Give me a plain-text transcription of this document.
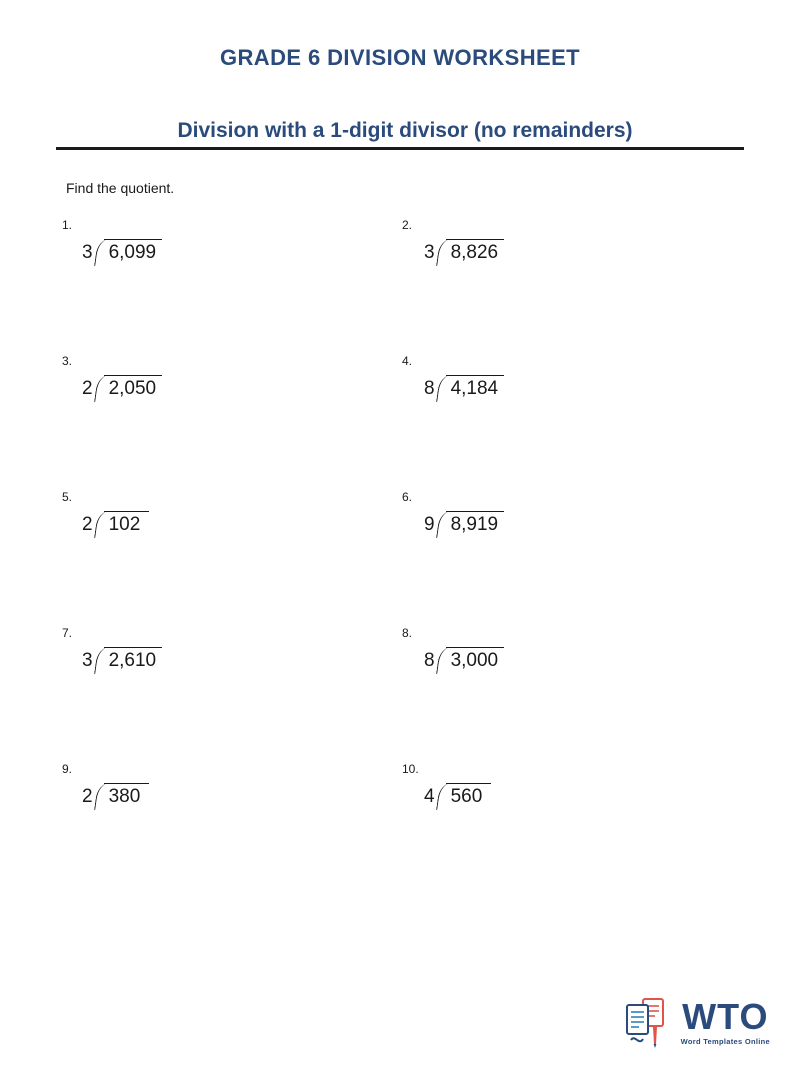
GRADE 6 DIVISION WORKSHEET
Division with a 1-digit divisor (no remainders)
Find the quotient.
1.
3 6,099
2.
3 8,826
3.
2 2,050
4.
8 4,184
5.
2 102
6.
9 8,919
7.
3 2,610
8.
8 3,000
9.
2 380
10.
4 560
WTO
Word Templates Online
